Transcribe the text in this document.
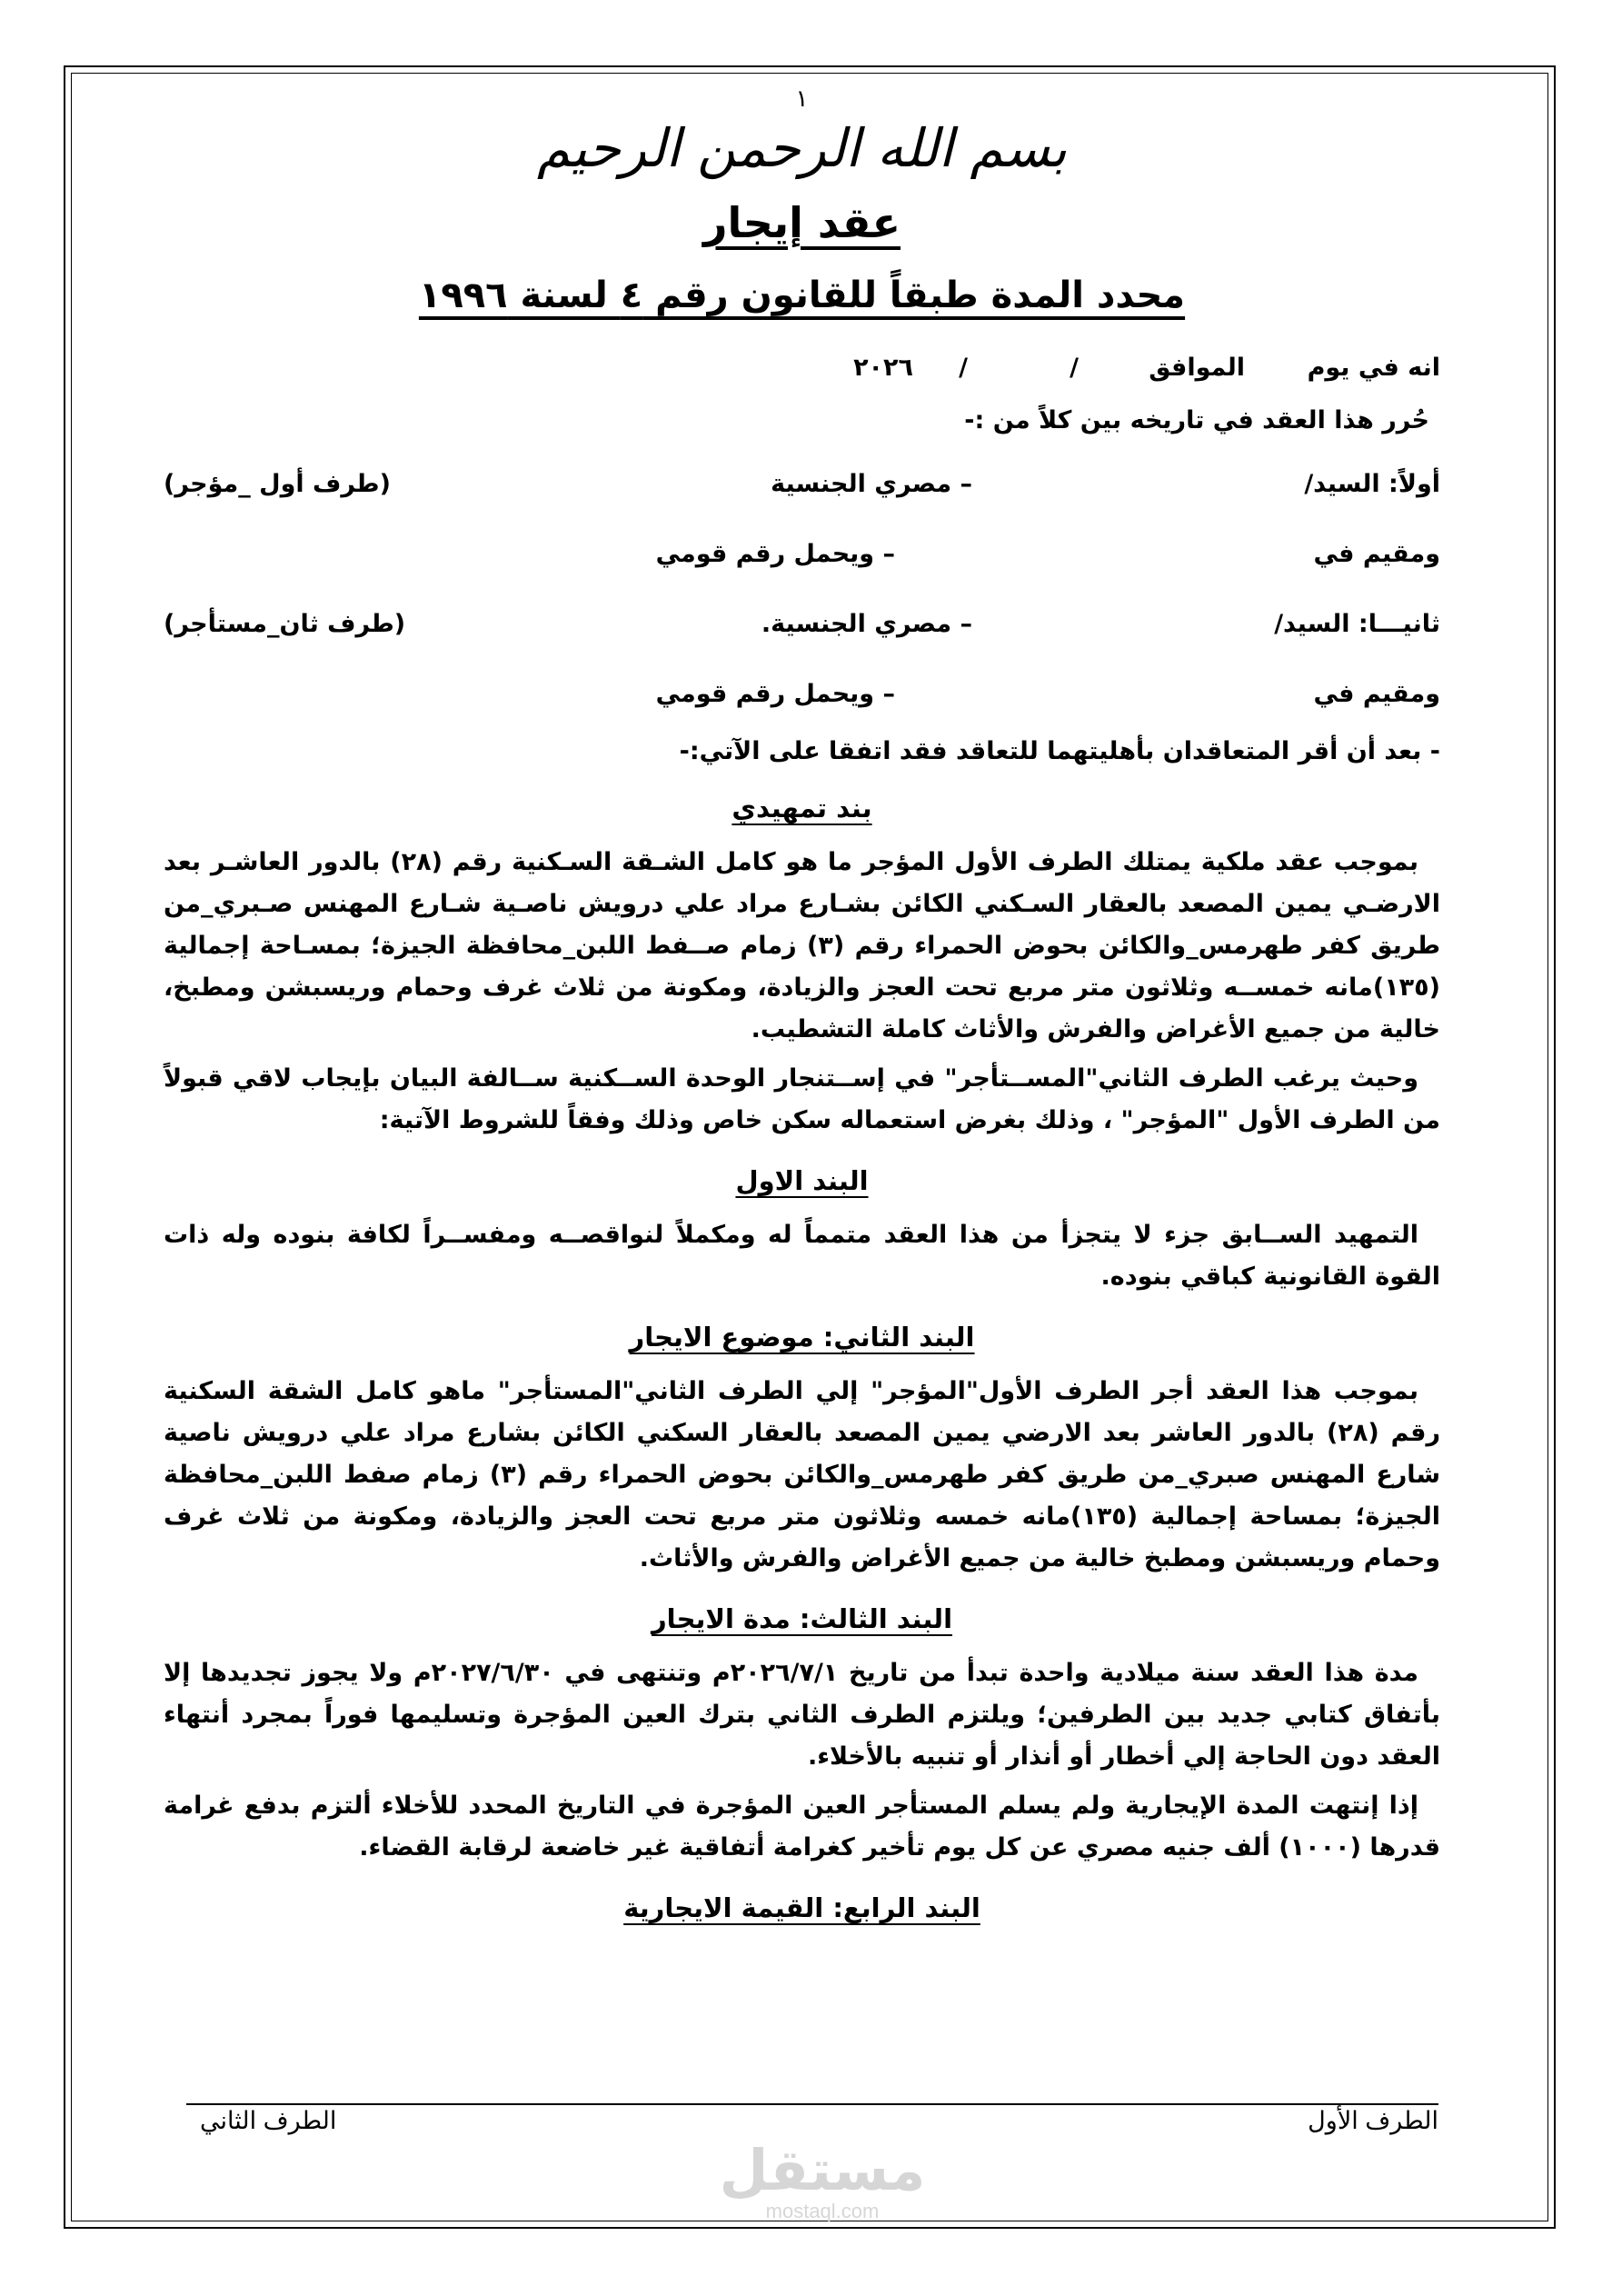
١
بسم الله الرحمن الرحيم
عقد إيجار
محدد المدة طبقاً للقانون رقم ٤ لسنة ١٩٩٦
انه في يوم
الموافق
/
/
٢٠٢٦
حُرر هذا العقد في تاريخه بين كلاً من :-
أولاً: السيد/
– مصري الجنسية
(طرف أول _مؤجر)
ومقيم في
– ويحمل رقم قومي
ثانيـــا: السيد/
– مصري الجنسية.
(طرف ثان_مستأجر)
ومقيم في
– ويحمل رقم قومي
- بعد أن أقر المتعاقدان بأهليتهما للتعاقد فقد اتفقا على الآتي:-
بند تمهيدي

بموجب عقد ملكية يمتلك الطرف الأول المؤجر ما هو كامل الشـقة السـكنية رقم (٢٨) بالدور العاشـر بعد الارضـي يمين المصعد بالعقار السـكني الكائن بشـارع مراد علي درويش ناصـية شـارع المهنس صـبري_من طريق كفر طهرمس_والكائن بحوض الحمراء رقم (٣) زمام صــفط اللبن_محافظة الجيزة؛ بمسـاحة إجمالية (١٣٥)مانه خمســه وثلاثون متر مربع تحت العجز والزيادة، ومكونة من ثلاث غرف وحمام وريسبشن ومطبخ، خالية من جميع الأغراض والفرش والأثاث كاملة التشطيب.

وحيث يرغب الطرف الثاني"المســتأجر" في إســتنجار الوحدة الســكنية ســالفة البيان بإيجاب لاقي قبولاً من الطرف الأول "المؤجر" ، وذلك بغرض استعماله سكن خاص وذلك وفقاً للشروط الآتية:

البند الاول

التمهيد الســابق جزء لا يتجزأ من هذا العقد متمماً له ومكملاً لنواقصــه ومفســراً لكافة بنوده وله ذات القوة القانونية كباقي بنوده.

البند الثاني: موضوع الايجار

بموجب هذا العقد أجر الطرف الأول"المؤجر" إلي الطرف الثاني"المستأجر" ماهو كامل الشقة السكنية رقم (٢٨) بالدور العاشر بعد الارضي يمين المصعد بالعقار السكني الكائن بشارع مراد علي درويش ناصية شارع المهنس صبري_من طريق كفر طهرمس_والكائن بحوض الحمراء رقم (٣) زمام صفط اللبن_محافظة الجيزة؛ بمساحة إجمالية (١٣٥)مانه خمسه وثلاثون متر مربع تحت العجز والزيادة، ومكونة من ثلاث غرف وحمام وريسبشن ومطبخ خالية من جميع الأغراض والفرش والأثاث.

البند الثالث: مدة الايجار

مدة هذا العقد سنة ميلادية واحدة تبدأ من تاريخ ٢٠٢٦/٧/١م وتنتهى في ٢٠٢٧/٦/٣٠م ولا يجوز تجديدها إلا بأتفاق كتابي جديد بين الطرفين؛ ويلتزم الطرف الثاني بترك العين المؤجرة وتسليمها فوراً بمجرد أنتهاء العقد دون الحاجة إلي أخطار أو أنذار أو تنبيه بالأخلاء.

إذا إنتهت المدة الإيجارية ولم يسلم المستأجر العين المؤجرة في التاريخ المحدد للأخلاء ألتزم بدفع غرامة قدرها (١٠٠٠) ألف جنيه مصري عن كل يوم تأخير كغرامة أتفاقية غير خاضعة لرقابة القضاء.

البند الرابع: القيمة الايجارية
الطرف الأول
الطرف الثاني
مستقل
mostaql.com
